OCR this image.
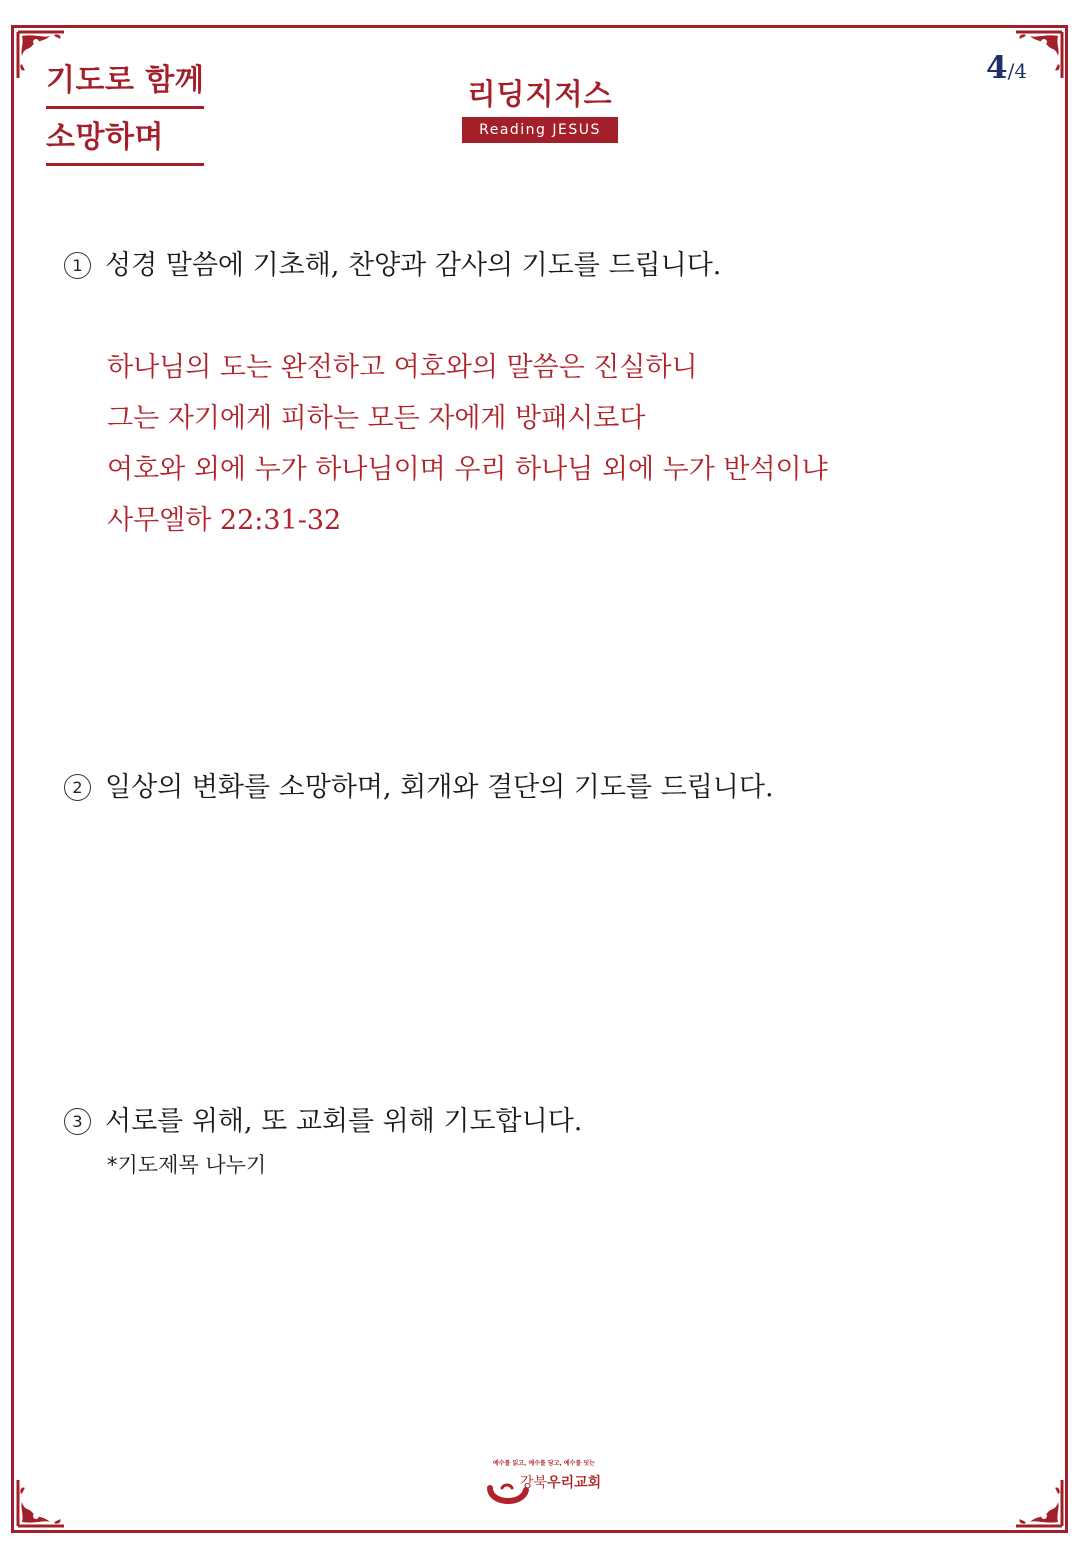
기도로 함께
소망하며
리딩지저스
Reading JESUS
4/4
1 성경 말씀에 기초해, 찬양과 감사의 기도를 드립니다.
하나님의 도는 완전하고 여호와의 말씀은 진실하니
그는 자기에게 피하는 모든 자에게 방패시로다
여호와 외에 누가 하나님이며 우리 하나님 외에 누가 반석이냐
사무엘하 22:31-32
2 일상의 변화를 소망하며, 회개와 결단의 기도를 드립니다.
3 서로를 위해, 또 교회를 위해 기도합니다.
*기도제목 나누기
예수를 읽고, 예수를 담고, 예수를 잇는
강북우리교회
